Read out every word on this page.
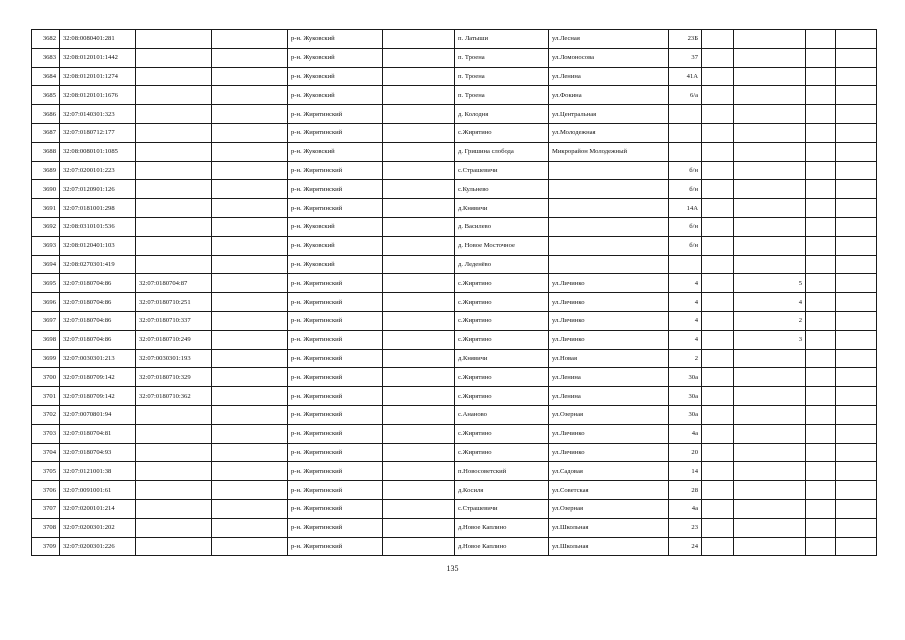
3682	32:08:0080401:281			р-н. Жуковский		п. Латыши	ул.Лесная	23Б				
3683	32:08:0120101:1442			р-н. Жуковский		п. Троена	ул.Ломоносова	37				
3684	32:08:0120101:1274			р-н. Жуковский		п. Троена	ул.Ленина	41А				
3685	32:08:0120101:1676			р-н. Жуковский		п. Троена	ул.Фокина	6/а				
3686	32:07:0140301:323			р-н. Жирятинский		д. Колодня	ул.Центральная					
3687	32:07:0180712:177			р-н. Жирятинский		с.Жирятино	ул.Молодежная					
3688	32:08:0080101:1085			р-н. Жуковский		д. Гришина слобода	Микрорайон Молодежный					
3689	32:07:0200101:223			р-н. Жирятинский		с.Страшевичи		б/н				
3690	32:07:0120901:126			р-н. Жирятинский		с.Кульнево		б/н				
3691	32:07:0181001:298			р-н. Жирятинский		д.Княвичи		14А				
3692	32:08:0310101:536			р-н. Жуковский		д. Василево		б/н				
3693	32:08:0120401:103			р-н. Жуковский		д. Новое Мосточное		б/н				
3694	32:08:0270301:419			р-н. Жуковский		д. Леденёво						
3695	32:07:0180704:86	32:07:0180704:87		р-н. Жирятинский		с.Жирятино	ул.Личинко	4		5		
3696	32:07:0180704:86	32:07:0180710:251		р-н. Жирятинский		с.Жирятино	ул.Личинко	4		4		
3697	32:07:0180704:86	32:07:0180710:337		р-н. Жирятинский		с.Жирятино	ул.Личинко	4		2		
3698	32:07:0180704:86	32:07:0180710:249		р-н. Жирятинский		с.Жирятино	ул.Личинко	4		3		
3699	32:07:0030301:213	32:07:0030301:193		р-н. Жирятинский		д.Княвичи	ул.Новая	2				
3700	32:07:0180709:142	32:07:0180710:329		р-н. Жирятинский		с.Жирятино	ул.Ленина	30а				
3701	32:07:0180709:142	32:07:0180710:362		р-н. Жирятинский		с.Жирятино	ул.Ленина	30а				
3702	32:07:0070801:94			р-н. Жирятинский		с.Ананово	ул.Озерная	30а				
3703	32:07:0180704:81			р-н. Жирятинский		с.Жирятино	ул.Личинко	4а				
3704	32:07:0180704:93			р-н. Жирятинский		с.Жирятино	ул.Личинко	20				
3705	32:07:0121001:38			р-н. Жирятинский		п.Новосоветский	ул.Садовая	14				
3706	32:07:0091001:61			р-н. Жирятинский		д.Косиля	ул.Советская	28				
3707	32:07:0200101:214			р-н. Жирятинский		с.Страшевичи	ул.Озерная	4а				
3708	32:07:0200301:202			р-н. Жирятинский		д.Новое Каплино	ул.Школьная	23				
3709	32:07:0200301:226			р-н. Жирятинский		д.Новое Каплино	ул.Школьная	24				
135
